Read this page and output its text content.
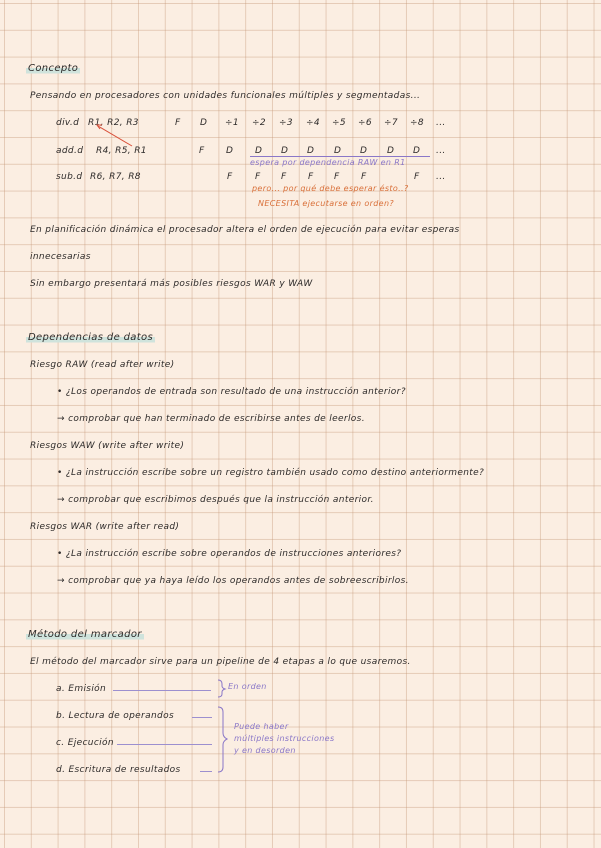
Concepto
Pensando en procesadores con unidades funcionales múltiples y segmentadas...
div.d R1, R2, R3
add.d R4, R5, R1
sub.d R6, R7, R8
F D ÷1 ÷2 ÷3 ÷4 ÷5 ÷6 ÷7 ÷8 ...
F D D D D D D D D ...
espera por dependencia RAW en R1
F F F F F F	F ...
pero... por qué debe esperar ésto..?
NECESITA ejecutarse en orden?
En planificación dinámica el procesador altera el orden de ejecución para evitar esperas
innecesarias
Sin embargo presentará más posibles riesgos WAR y WAW
Dependencias de datos
Riesgo RAW (read after write)
• ¿Los operandos de entrada son resultado de una instrucción anterior?
→ comprobar que han terminado de escribirse antes de leerlos.
Riesgos WAW (write after write)
• ¿La instrucción escribe sobre un registro también usado como destino anteriormente?
→ comprobar que escribimos después que la instrucción anterior.
Riesgos WAR (write after read)
• ¿La instrucción escribe sobre operandos de instrucciones anteriores?
→ comprobar que ya haya leído los operandos antes de sobreescribirlos.
Método del marcador
El método del marcador sirve para un pipeline de 4 etapas a lo que usaremos.
a. Emisión
b. Lectura de operandos
c. Ejecución
d. Escritura de resultados
En orden
Puede haber
múltiples instrucciones
y en desorden
